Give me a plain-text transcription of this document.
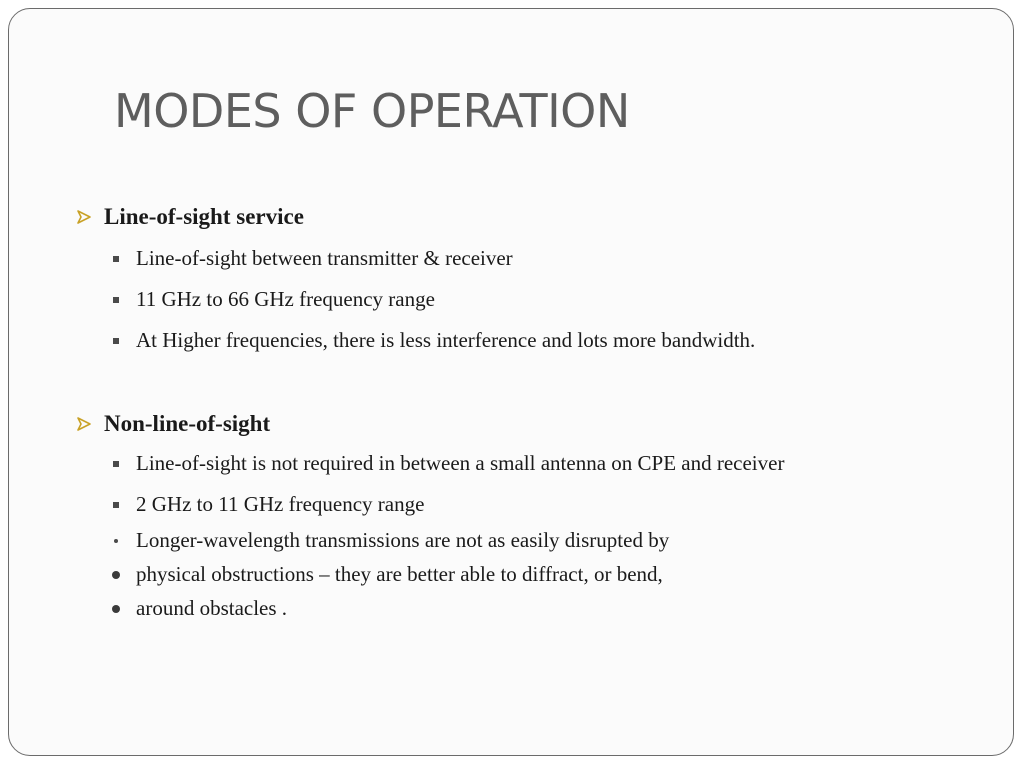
MODES OF OPERATION
Line-of-sight service
Line-of-sight between transmitter & receiver
11 GHz to 66 GHz frequency range
At Higher frequencies, there is less interference and lots more bandwidth.
Non-line-of-sight
Line-of-sight is not required in between a small antenna on CPE and receiver
2 GHz to 11 GHz frequency range
Longer-wavelength transmissions are not as easily disrupted by
physical obstructions – they are better able to diffract, or bend,
around obstacles .
